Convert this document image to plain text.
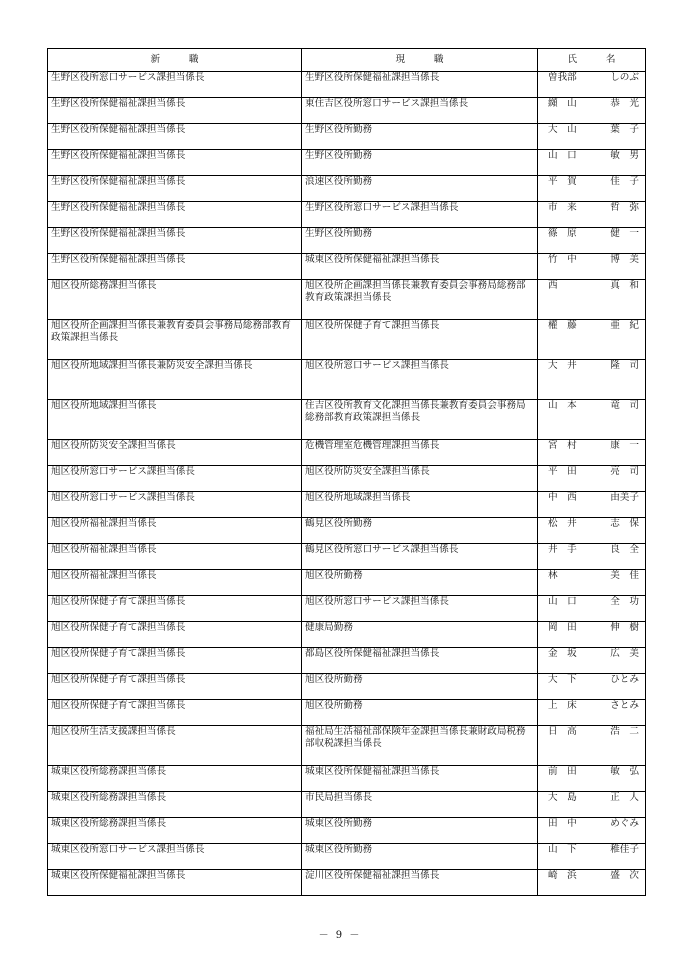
新　　　職	現　　　職	氏　　　名
生野区役所窓口サービス課担当係長	生野区役所保健福祉課担当係長	曽我部 しのぶ

生野区役所保健福祉課担当係長	東住吉区役所窓口サービス課担当係長	纐　山 恭　光

生野区役所保健福祉課担当係長	生野区役所勤務	大　山 葉　子

生野区役所保健福祉課担当係長	生野区役所勤務	山　口 敏　男

生野区役所保健福祉課担当係長	浪速区役所勤務	平　賀 佳　子

生野区役所保健福祉課担当係長	生野区役所窓口サービス課担当係長	市　来 哲　弥

生野区役所保健福祉課担当係長	生野区役所勤務	篠　原 健　一

生野区役所保健福祉課担当係長	城東区役所保健福祉課担当係長	竹　中 博　美

旭区役所総務課担当係長	旭区役所企画課担当係長兼教育委員会事務局総務部教育政策課担当係長	西 真　和

旭区役所企画課担当係長兼教育委員会事務局総務部教育政策課担当係長	旭区役所保健子育て課担当係長	權　藤 亜　紀

旭区役所地域課担当係長兼防災安全課担当係長	旭区役所窓口サービス課担当係長	大　井 隆　司

旭区役所地域課担当係長	住吉区役所教育文化課担当係長兼教育委員会事務局総務部教育政策課担当係長	山　本 竜　司

旭区役所防災安全課担当係長	危機管理室危機管理課担当係長	宮　村 康　一

旭区役所窓口サービス課担当係長	旭区役所防災安全課担当係長	平　田 亮　司

旭区役所窓口サービス課担当係長	旭区役所地域課担当係長	中　西 由美子

旭区役所福祉課担当係長	鶴見区役所勤務	松　井 志　保

旭区役所福祉課担当係長	鶴見区役所窓口サービス課担当係長	井　手 良　全

旭区役所福祉課担当係長	旭区役所勤務	林 美　佳

旭区役所保健子育て課担当係長	旭区役所窓口サービス課担当係長	山　口 全　功

旭区役所保健子育て課担当係長	健康局勤務	岡　田 伸　樹

旭区役所保健子育て課担当係長	都島区役所保健福祉課担当係長	金　坂 広　美

旭区役所保健子育て課担当係長	旭区役所勤務	大　下 ひとみ

旭区役所保健子育て課担当係長	旭区役所勤務	上　床 さとみ

旭区役所生活支援課担当係長	福祉局生活福祉部保険年金課担当係長兼財政局税務部収税課担当係長	日　高 浩　二

城東区役所総務課担当係長	城東区役所保健福祉課担当係長	前　田 敏　弘

城東区役所総務課担当係長	市民局担当係長	大　島 正　人

城東区役所総務課担当係長	城東区役所勤務	田　中 めぐみ

城東区役所窓口サービス課担当係長	城東区役所勤務	山　下 稚佳子

城東区役所保健福祉課担当係長	淀川区役所保健福祉課担当係長	崎　浜 盛　次
－ 9 －
